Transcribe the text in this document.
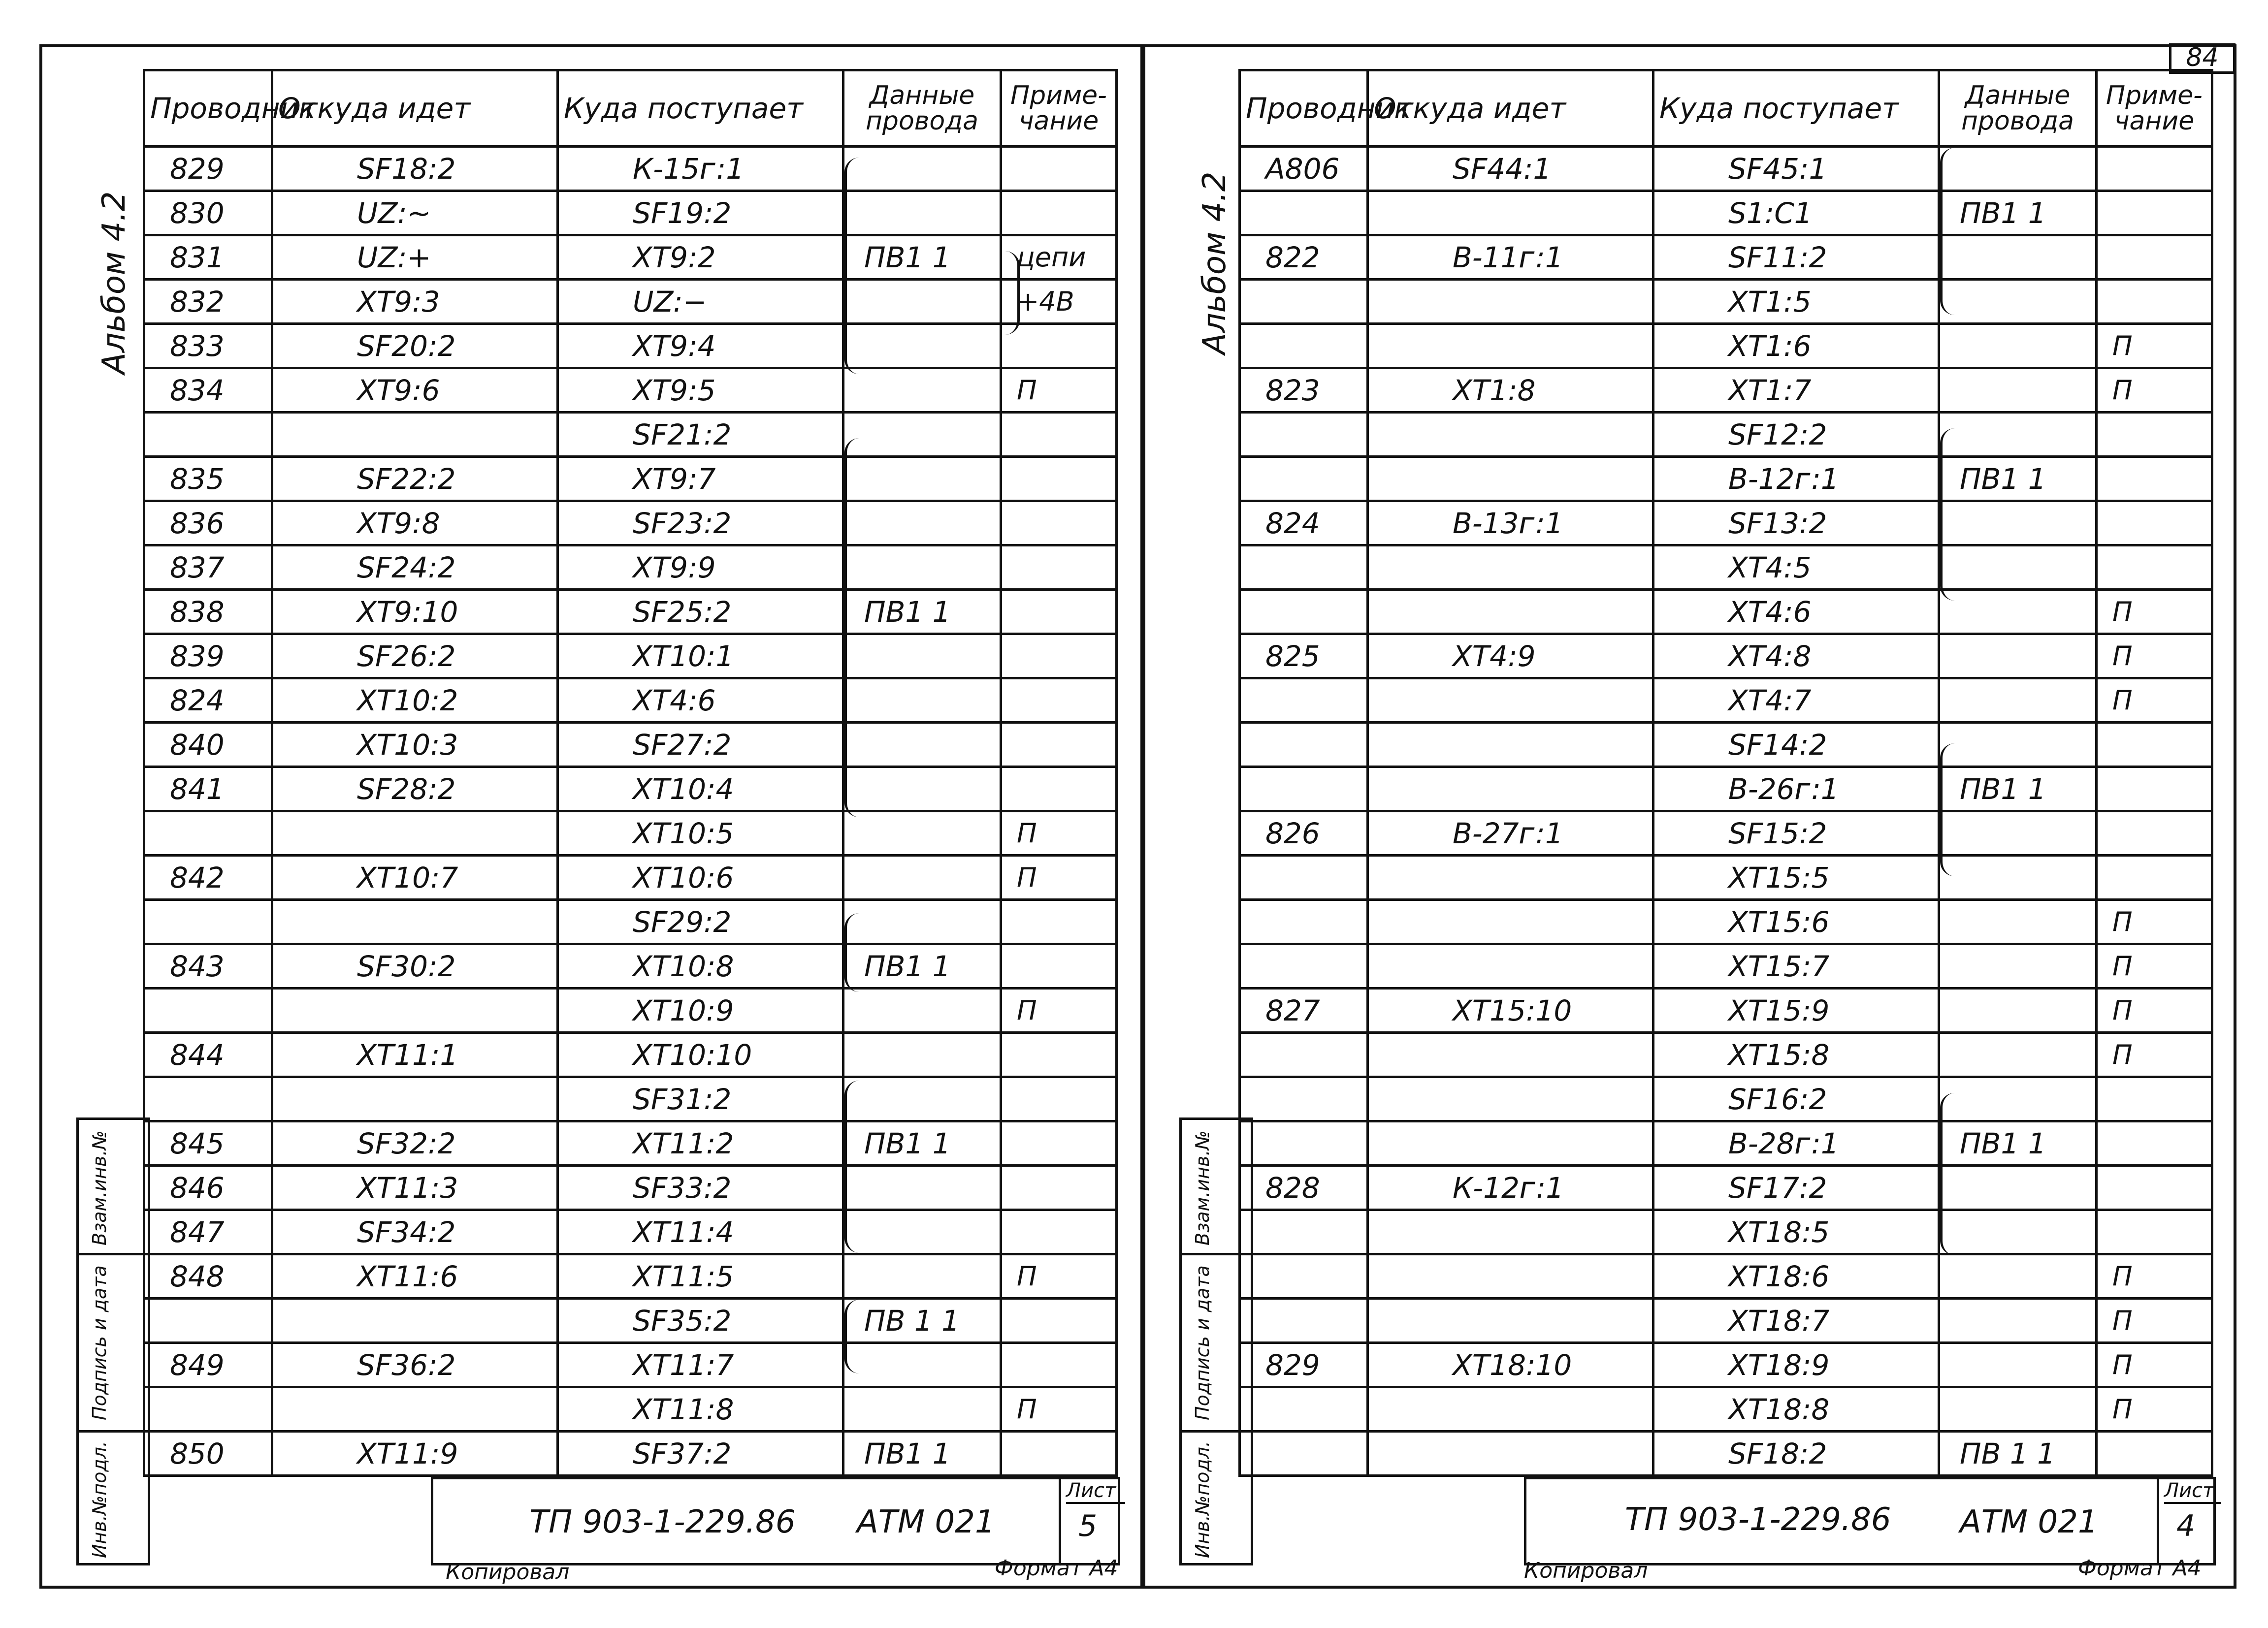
Альбом 4.2
Проводник	Откуда идет	Куда поступает	Данные провода	Приме- чание
829	SF18:2	К-15ᴦ:1		
830	UZ:~	SF19:2		
831	UZ:+	XT9:2	ПВ1 1	цепи
832	XT9:3	UZ:−		+4В
833	SF20:2	XT9:4		
834	XT9:6	XT9:5		П
		SF21:2		
835	SF22:2	XT9:7		
836	XT9:8	SF23:2		
837	SF24:2	XT9:9		
838	XT9:10	SF25:2	ПВ1 1	
839	SF26:2	XT10:1		
824	XT10:2	XT4:6		
840	XT10:3	SF27:2		
841	SF28:2	XT10:4		
		XT10:5		П
842	XT10:7	XT10:6		П
		SF29:2		
843	SF30:2	XT10:8	ПВ1 1	
		XT10:9		П
844	XT11:1	XT10:10		
		SF31:2		
845	SF32:2	XT11:2	ПВ1 1	
846	XT11:3	SF33:2		
847	SF34:2	XT11:4		
848	XT11:6	XT11:5		П
		SF35:2	ПВ 1 1	
849	SF36:2	XT11:7		
		XT11:8		П
850	XT11:9	SF37:2	ПВ1 1	
Взам.инв.№
Подпись и дата
Инв.№подл.	ТП 903-1-229.86 АТМ 021
Лист
5
Копировал	Формат А4
84
Альбом 4.2
Проводник	Откуда идет	Куда поступает	Данные провода	Приме- чание
А806	SF44:1	SF45:1		
		S1:C1	ПВ1 1	
822	В-11ᴦ:1	SF11:2		
		XT1:5		
		XT1:6		П
823	XT1:8	XT1:7		П
		SF12:2		
		В-12ᴦ:1	ПВ1 1	
824	В-13ᴦ:1	SF13:2		
		XT4:5		
		XT4:6		П
825	XT4:9	XT4:8		П
		XT4:7		П
		SF14:2		
		В-26ᴦ:1	ПВ1 1	
826	В-27ᴦ:1	SF15:2		
		XT15:5		
		XT15:6		П
		XT15:7		П
827	XT15:10	XT15:9		П
		XT15:8		П
		SF16:2		
		В-28ᴦ:1	ПВ1 1	
828	К-12ᴦ:1	SF17:2		
		XT18:5		
		XT18:6		П
		XT18:7		П
829	XT18:10	XT18:9		П
		XT18:8		П
		SF18:2	ПВ 1 1	
Взам.инв.№
Подпись и дата
Инв.№подл.	ТП 903-1-229.86 АТМ 021
Лист
4
Копировал	Формат А4
